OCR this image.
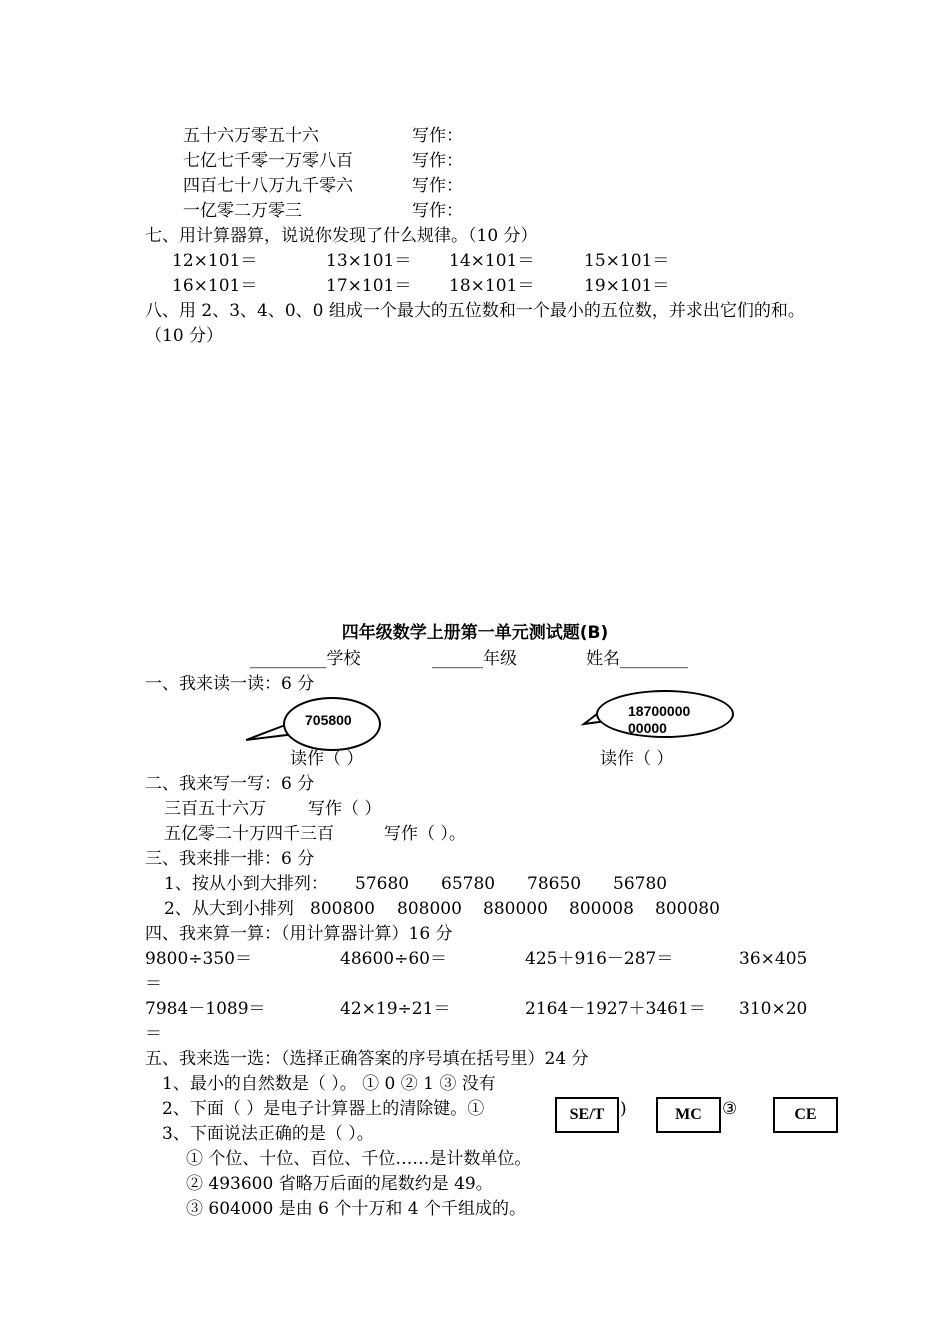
五十六万零五十六	写作：
七亿七千零一万零八百	写作：
四百七十八万九千零六	写作：
一亿零二万零三	写作：
七、用计算器算，说说你发现了什么规律。（10 分）
12×101＝	13×101＝ 14×101＝	15×101＝
16×101＝	17×101＝ 18×101＝	19×101＝
八、用 2、3、4、0、0 组成一个最大的五位数和一个最小的五位数，并求出它们的和。
（10 分）
四年级数学上册第一单元测试题(B)
_________学校	______年级	姓名________
一、我来读一读：6 分
705800
1870000000000
读作（ ）	读作（ ）
二、我来写一写：6 分
三百五十六万 写作（ ）
五亿零二十万四千三百	写作（ ）。
三、我来排一排：6 分
1、按从小到大排列： 57680 65780 78650 56780
2、从大到小排列 800800 808000 880000 800008 800080
四、我来算一算：（用计算器计算）16 分
9800÷350＝	48600÷60＝	425＋916－287＝	36×405
＝
7984－1089＝	42×19÷21＝	2164－1927＋3461＝ 310×20
＝
五、我来选一选：（选择正确答案的序号填在括号里）24 分
1、最小的自然数是（ ）。 ① 0 ② 1 ③ 没有
2、下面（ ）是电子计算器上的清除键。①	)	③
SE/T	MC	CE
3、下面说法正确的是（ ）。
① 个位、十位、百位、千位……是计数单位。
② 493600 省略万后面的尾数约是 49。
③ 604000 是由 6 个十万和 4 个千组成的。
